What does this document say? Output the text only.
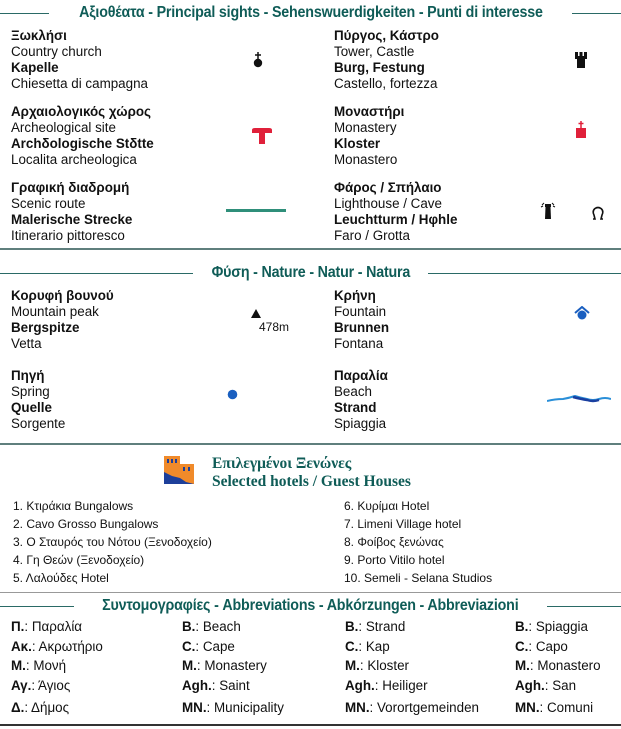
Αξιοθέατα - Principal sights - Sehenswuerdigkeiten - Punti di interesse
Ξωκλήσι
Country church
Kapelle
Chiesetta di campagna
Πύργος, Κάστρο
Tower, Castle
Burg, Festung
Castello, fortezza
Αρχαιολογικός χώρος
Archeological site
Archδologische Stδtte
Localita archeologica
Μοναστήρι
Monastery
Kloster
Monastero
Γραφική διαδρομή
Scenic route
Malerische Strecke
Itinerario pittoresco
Φάρος / Σπήλαιο
Lighthouse / Cave
Leuchtturm / Hφhle
Faro / Grotta
Φύση - Nature - Natur - Natura
Κορυφή βουνού
Mountain peak
Bergspitze
Vetta
478m
Κρήνη
Fountain
Brunnen
Fontana
Πηγή
Spring
Quelle
Sorgente
Παραλία
Beach
Strand
Spiaggia
Επιλεγμένοι Ξενώνες
Selected hotels / Guest Houses
1. Κτιράκια Bungalows
2. Cavo Grosso Bungalows
3. Ο Σταυρός του Νότου (Ξενοδοχείο)
4. Γη Θεών (Ξενοδοχείο)
5. Λαλούδες Hotel
6. Κυρίμαι Hotel
7. Limeni Village hotel
8. Φοίβος ξενώνας
9. Porto Vitilo hotel
10. Semeli - Selana Studios
Συντομογραφίες - Abbreviations - Abkórzungen - Abbreviazioni
Π.: Παραλία
Ακ.: Ακρωτήριο
Μ.: Μονή
Αγ.: Άγιος
Δ.: Δήμος
B.: Beach
C.: Cape
M.: Monastery
Agh.: Saint
MN.: Municipality
B.: Strand
C.: Kap
M.: Kloster
Agh.: Heiliger
MN.: Vorortgemeinden
B.: Spiaggia
C.: Capo
M.: Monastero
Agh.: San
MN.: Comuni
